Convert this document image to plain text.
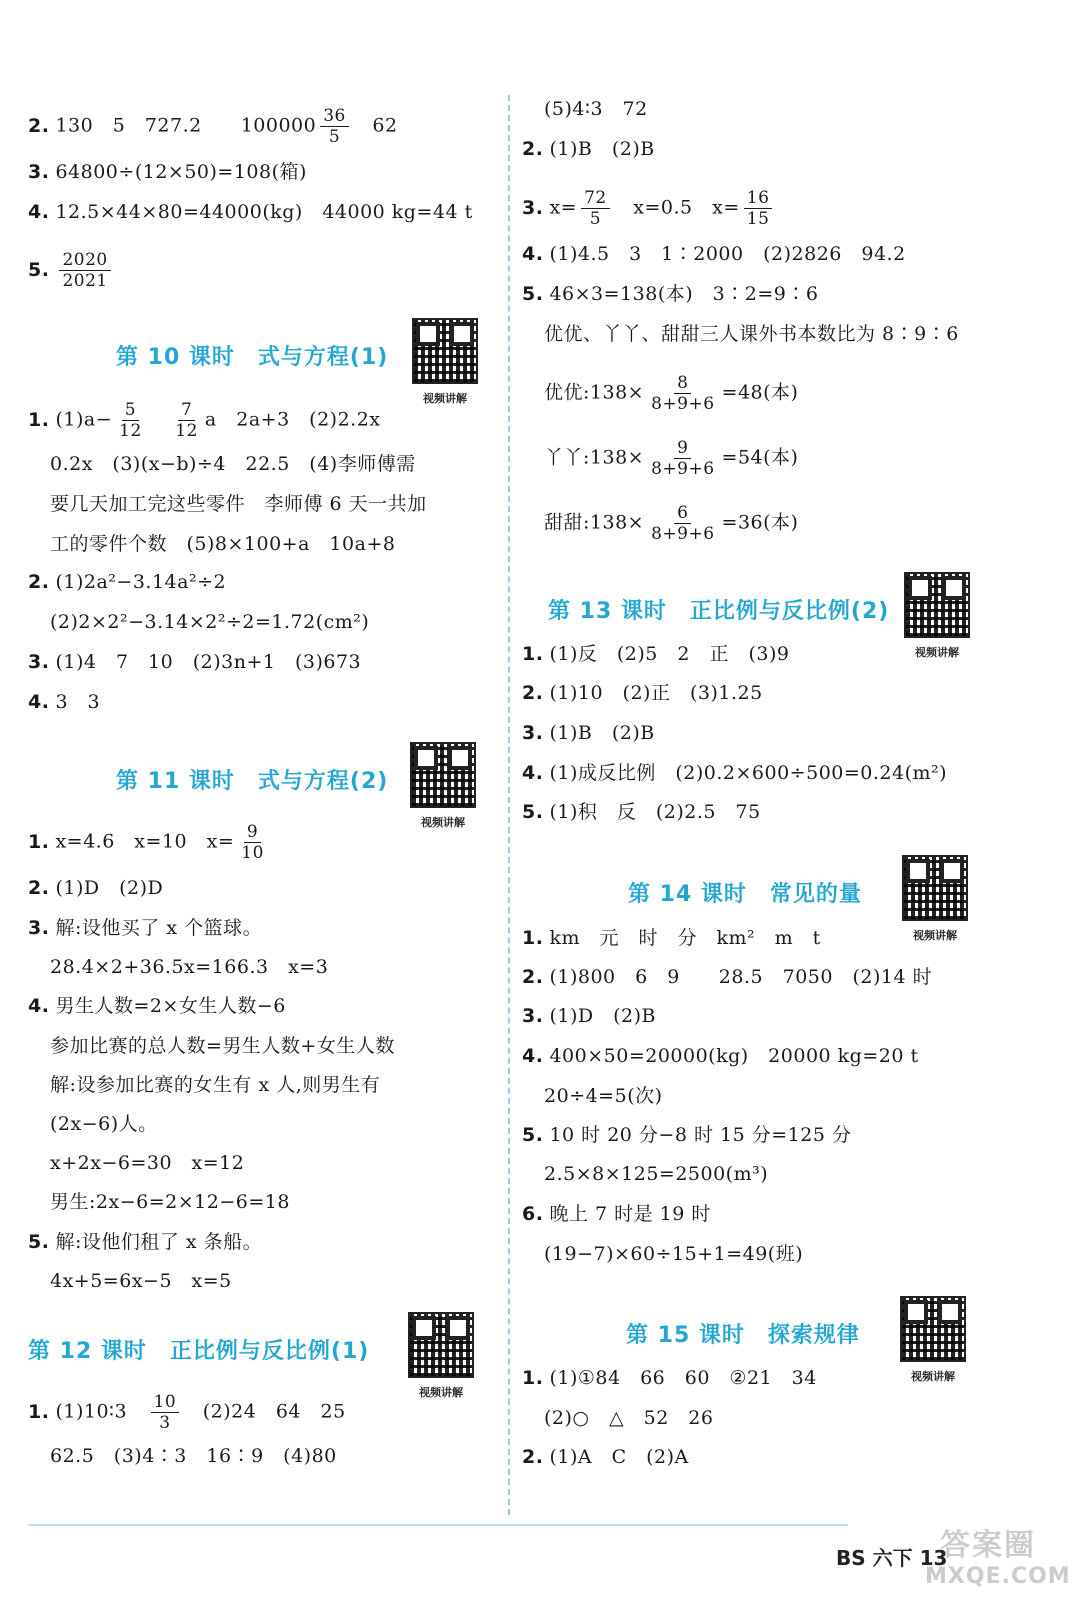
2. 130　5　727.2　　$100000 \frac{36}{5}$
　 62
3. 64800÷(12×50)=108(箱)
4. 12.5×44×80=44000(kg)　44000 kg=44 t
5. $\frac{2020}{2021}$
第 10 课时　式与方程(1)
视频讲解
1. $(1)a- \frac{5}{12}$
　 $\frac{7}{12}$ a　2a+3　(2)2.2x
0.2x　(3)(x−b)÷4　22.5　(4)李师傅需
要几天加工完这些零件　李师傅 6 天一共加
工的零件个数　(5)8×100+a　10a+8
2. (1)2a²−3.14a²÷2
(2)2×2²−3.14×2²÷2=1.72(cm²)
3. (1)4　7　10　(2)3n+1　(3)673
4. 3　3
第 11 课时　式与方程(2)
视频讲解
1. x=4.6　x=10　$x= \frac{9}{10}$
2. (1)D　(2)D
3. 解:设他买了 x 个篮球。
28.4×2+36.5x=166.3　x=3
4. 男生人数=2×女生人数−6
参加比赛的总人数=男生人数+女生人数
解:设参加比赛的女生有 x 人,则男生有
(2x−6)人。
x+2x−6=30　x=12
男生:2x−6=2×12−6=18
5. 解:设他们租了 x 条船。
4x+5=6x−5　x=5
第 12 课时　正比例与反比例(1)
视频讲解
1. (1)10∶3　 $\frac{10}{3}$
　 (2)24　64　25
62.5　(3)4∶3　16∶9　(4)80
(5)4∶3　72
2. (1)B　(2)B
3. $x= \frac{72}{5}$
　 x=0.5　$x= \frac{16}{15}$
4. (1)4.5　3　1∶2000　(2)2826　94.2
5. 46×3=138(本)　3∶2=9∶6
优优、丫丫、甜甜三人课外书本数比为 8∶9∶6
优优:138× $\frac{8}{8+9+6} =48$(本)
丫丫:138× $\frac{9}{8+9+6} =54$(本)
甜甜:138× $\frac{6}{8+9+6} =36$(本)
第 13 课时　正比例与反比例(2)
视频讲解
1. (1)反　(2)5　2　正　(3)9
2. (1)10　(2)正　(3)1.25
3. (1)B　(2)B
4. (1)成反比例　(2)0.2×600÷500=0.24(m²)
5. (1)积　反　(2)2.5　75
第 14 课时　常见的量
视频讲解
1. km　元　时　分　km²　m　t
2. (1)800　6　9　　28.5　7050　(2)14 时
3. (1)D　(2)B
4. 400×50=20000(kg)　20000 kg=20 t
20÷4=5(次)
5. 10 时 20 分−8 时 15 分=125 分
2.5×8×125=2500(m³)
6. 晚上 7 时是 19 时
(19−7)×60÷15+1=49(班)
第 15 课时　探索规律
视频讲解
1. (1)①84　66　60　②21　34
(2)○　△　52　26
2. (1)A　C　(2)A
BS 六下 13
答案圈
MXQE.COM
